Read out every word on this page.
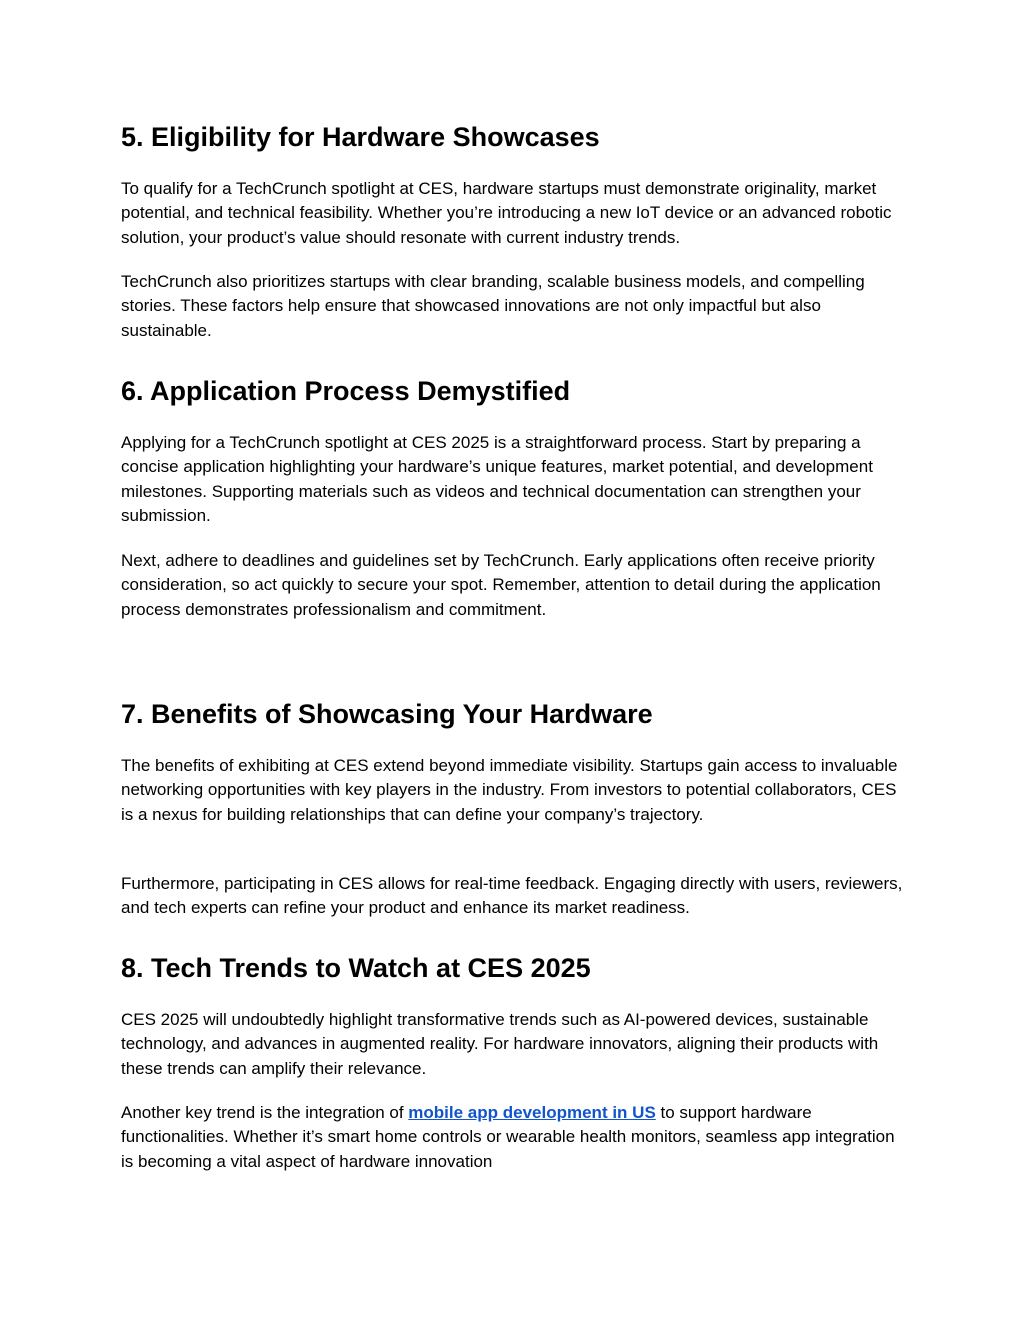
5. Eligibility for Hardware Showcases

To qualify for a TechCrunch spotlight at CES, hardware startups must demonstrate originality, market potential, and technical feasibility. Whether you’re introducing a new IoT device or an advanced robotic solution, your product’s value should resonate with current industry trends.

TechCrunch also prioritizes startups with clear branding, scalable business models, and compelling stories. These factors help ensure that showcased innovations are not only impactful but also sustainable.

6. Application Process Demystified

Applying for a TechCrunch spotlight at CES 2025 is a straightforward process. Start by preparing a concise application highlighting your hardware’s unique features, market potential, and development milestones. Supporting materials such as videos and technical documentation can strengthen your submission.

Next, adhere to deadlines and guidelines set by TechCrunch. Early applications often receive priority consideration, so act quickly to secure your spot. Remember, attention to detail during the application process demonstrates professionalism and commitment.

7. Benefits of Showcasing Your Hardware

The benefits of exhibiting at CES extend beyond immediate visibility. Startups gain access to invaluable networking opportunities with key players in the industry. From investors to potential collaborators, CES is a nexus for building relationships that can define your company’s trajectory.

Furthermore, participating in CES allows for real-time feedback. Engaging directly with users, reviewers, and tech experts can refine your product and enhance its market readiness.

8. Tech Trends to Watch at CES 2025

CES 2025 will undoubtedly highlight transformative trends such as AI-powered devices, sustainable technology, and advances in augmented reality. For hardware innovators, aligning their products with these trends can amplify their relevance.

Another key trend is the integration of mobile app development in US to support hardware functionalities. Whether it’s smart home controls or wearable health monitors, seamless app integration is becoming a vital aspect of hardware innovation
